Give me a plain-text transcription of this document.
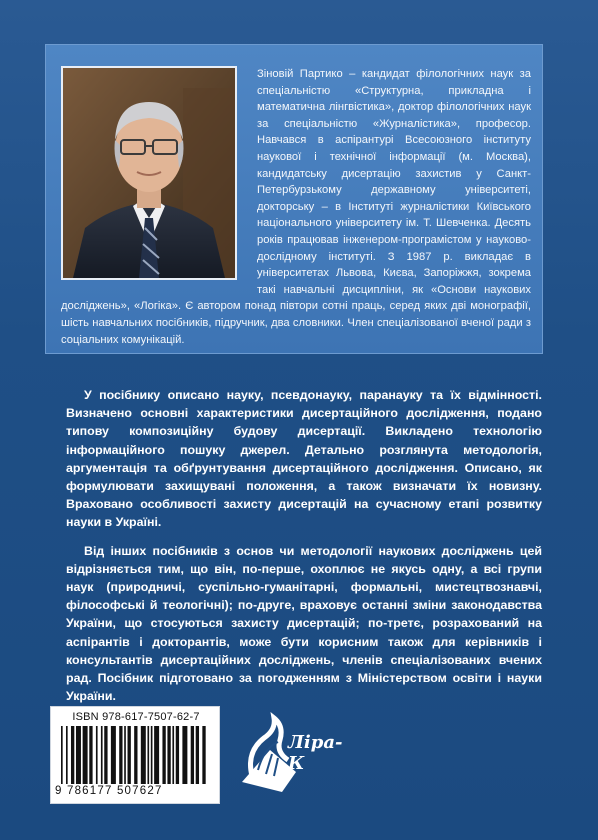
Зіновій Партико – кандидат філологічних наук за спеціальністю «Структурна, прикладна і математична лінгвістика», доктор філологічних наук за спеціальністю «Журналістика», професор. Навчався в аспірантурі Всесоюзного інституту наукової і технічної інформації (м. Москва), кандидатську дисертацію захистив у Санкт-Петербурзькому державному університеті, докторську – в Інституті журналістики Київського національного університету ім. Т. Шевченка. Десять років працював інженером-програмістом у науково-дослідному інституті. З 1987 р. викладає в університетах Львова, Києва, Запоріжжя, зокрема такі навчальні дисципліни, як «Основи наукових досліджень», «Логіка». Є автором понад півтори сотні праць, серед яких дві монографії, шість навчальних посібників, підручник, два словники. Член спеціалізованої вченої ради з соціальних комунікацій.

У посібнику описано науку, псевдонауку, паранауку та їх відмінності. Визначено основні характеристики дисертаційного дослідження, подано типову композиційну будову дисертації. Викладено технологію інформаційного пошуку джерел. Детально розглянута методологія, аргументація та обґрунтування дисертаційного дослідження. Описано, як формулювати захищувані положення, а також визначати їх новизну. Враховано особливості захисту дисертацій на сучасному етапі розвитку науки в Україні.

Від інших посібників з основ чи методології наукових досліджень цей відрізняється тим, що він, по-перше, охоплює не якусь одну, а всі групи наук (природничі, суспільно-гуманітарні, формальні, мистецтвознавчі, філософські й теологічні); по-друге, враховує останні зміни законодавства України, що стосуються захисту дисертацій; по-третє, розрахований на аспірантів і докторантів, може бути корисним також для керівників і консультантів дисертаційних досліджень, членів спеціалізованих вчених рад. Посібник підготовано за погодженням з Міністерством освіти і науки України.

ISBN 978-617-7507-62-7
9 786177 507627
Ліра-К
